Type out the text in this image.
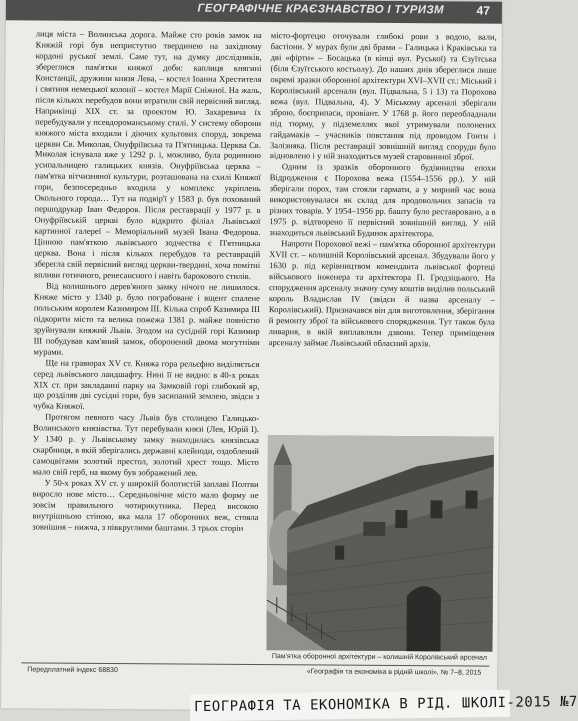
ГЕОГРАФІЧНЕ КРАЄЗНАВСТВО І ТУРИЗМ	47

лиця міста – Волинська дорога. Майже сто років замок на Княжій горі був непристутно твердинею на західному кордоні руської землі. Саме тут, на думку дослідників, збереглися пам'ятки княжої доби: каплиця княгині Констанції, дружини князя Лева, – костел Іоанна Хрестителя і святиня немецької колонії – костел Марії Сніжної. На жаль, після кількох перебудов вони втратили свій первісний вигляд. Наприкінці XIX ст. за проектом Ю. Захаревича їх перебудували у псевдороманському стилі. У систему оборони княжого міста входили і діючих культових споруд, зокрема церкви Св. Миколая, Онуфріївська та П'ятницька. Церква Св. Миколая існувала вже у 1292 р. і, можливо, була родинною усипальницею галицьких князів. Онуфріївська церква – пам'ятка вітчизняної культури, розташована на схилі Княжої гори, безпосередньо входила у комплекс укріплень Окольного города… Тут на подвір'ї у 1583 р. був похований першодрукар Іван Федоров. Після реставрації у 1977 р. в Онуфріївській церкві було відкрито філіал Львівської картинної галереї – Меморіальний музей Івана Федорова. Цінною пам'яткою львівського зодчества є П'ятницька церква. Вона і після кількох перебудов та реставрацій зберегла свій первісний вигляд церкви-твердині, хоча помітні впливи готичного, ренесансного і навіть барокового стилів.

Від колишнього дерев'яного замку нічого не лишилося. Княже місто у 1340 р. було пограбоване і вщент спалене польським королем Казимиром III. Кілька спроб Казимира III підкорити місто та велика пожежа 1381 р. майже повністю зруйнували княжий Львів. Згодом на сусідній горі Казимир III побудував кам'яний замок, оборонений двома могутніми мурами.

Ще на гравюрах XV ст. Княжа гора рельєфно виділяється серед львівського ландшафту. Нині її не видно: в 40-х роках XIX ст. при закладанні парку на Замковій горі глибокий яр, що розділяв дві сусідні гори, був засипаний землею, звідси з чубка Княжої.

Протягом певного часу Львів був столицею Галицько-Волинського князівства. Тут перебували князі (Лев, Юрій І). У 1340 р. у Львівському замку знаходилась князівська скарбниця, в якій зберігались державні клейноди, оздоблений самоцвітами золотий престол, золотий хрест тощо. Місто мало свій герб, на якому був зображений лев.

У 50-х роках XV ст. у широкій болотистій заплаві Полтви виросло нове місто… Середньовічне місто мало форму не зовсім правильного чотирикутника. Перед високою внутрішньою стіною, яка мала 17 оборонних веж, стояла зовнішня – нижча, з півкруглими баштами. З трьох сторін

місто-фортецю оточували глибокі рови з водою, вали, бастіони. У мурах були дві брами – Галицька і Краківська та дві «фірти» – Босацька (в кінці вул. Руської) та Єзуїтська (біля Єзуїтського костьолу). До наших днів збереглися лише окремі зразки оборонної архітектури XVI–XVII ст.: Міський і Королівський арсенали (вул. Підвальна, 5 і 13) та Порохова вежа (вул. Підвальна, 4). У Міському арсеналі зберігали зброю, боєприпаси, провіант. У 1768 р. його переобладнали під тюрму, у підземеллях якої утримували полонених гайдамаків – учасників повстання під проводом Гонти і Залізняка. Після реставрації зовнішній вигляд споруди було відновлено і у ній знаходиться музей старовинної зброї.

Одним із зразків оборонного будівництва епохи Відродження є Порохова вежа (1554–1556 рр.). У ній зберігали порох, там стояли гармати, а у мирний час вона використовувалася як склад для продовольчих запасів та різних товарів. У 1954–1956 рр. башту було реставровано, а в 1975 р. відтворено її первісний зовнішній вигляд. У ній знаходиться львівський Будинок архітектора.

Напроти Порохової вежі – пам'ятка оборонної архітектури XVII ст. – колишній Королівський арсенал. Збудували його у 1630 р. під керівництвом коменданта львівської фортеці військового інженера та архітектора П. Гродзіцького. На спорудження арсеналу значну суму коштів виділив польський король Владислав IV (звідси й назва арсеналу – Королівський). Призначався він для виготовлення, зберігання й ремонту зброї та військового спорядження. Тут також була ливарня, в якій виплавляли дзвони. Тепер приміщення арсеналу займає Львівський обласний архів.

Пам'ятка оборонної архітектури – колишній Королівський арсенал
Передплатний індекс 68830	«Географія та економіка в рідній школі», № 7–8, 2015
ГЕОГРАФІЯ ТА ЕКОНОМІКА В РІД. ШКОЛІ-2015 №7
